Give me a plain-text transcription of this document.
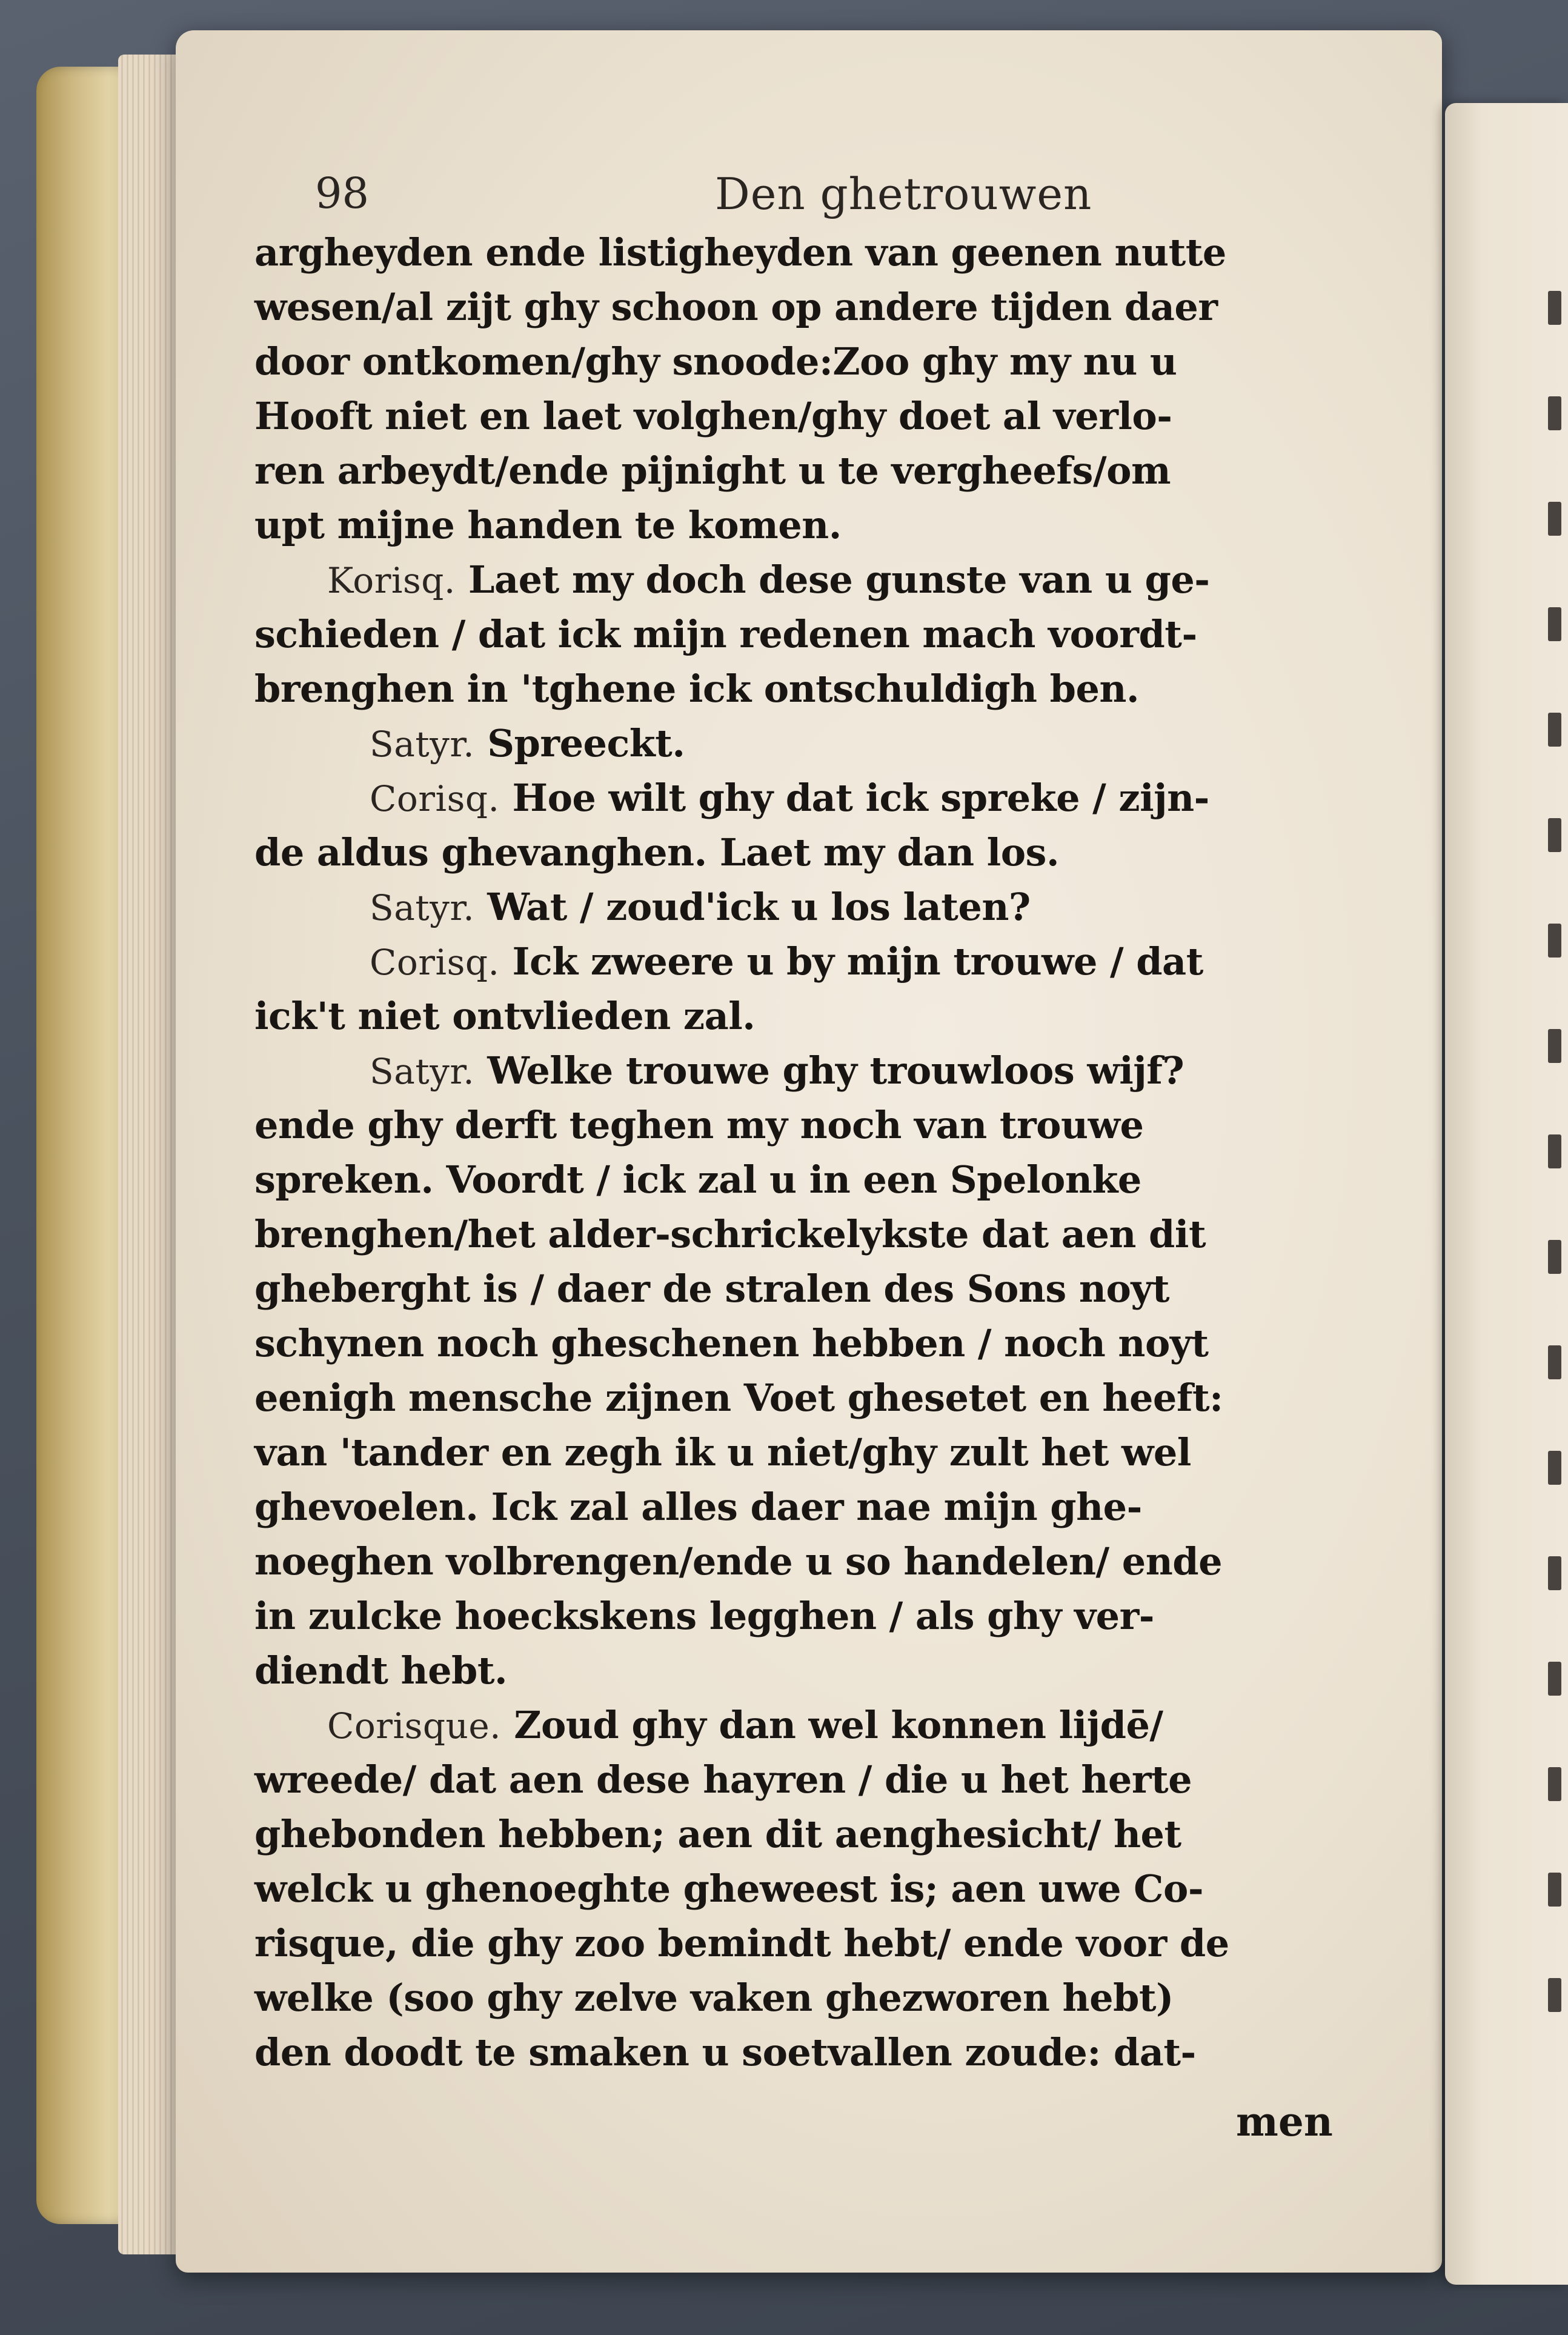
98	Den ghetrouwen
argheyden ende listigheyden van geenen nutte
wesen/al zijt ghy schoon op andere tijden daer
door ontkomen/ghy snoode:Zoo ghy my nu u
Hooft niet en laet volghen/ghy doet al verlo-
ren arbeydt/ende pijnight u te vergheefs/om
upt mijne handen te komen.
Korisq. Laet my doch dese gunste van u ge-
schieden / dat ick mijn redenen mach voordt-
brenghen in 'tghene ick ontschuldigh ben.
Satyr. Spreeckt.
Corisq. Hoe wilt ghy dat ick spreke / zijn-
de aldus ghevanghen. Laet my dan los.
Satyr. Wat / zoud'ick u los laten?
Corisq. Ick zweere u by mijn trouwe / dat
ick't niet ontvlieden zal.
Satyr. Welke trouwe ghy trouwloos wijf?
ende ghy derft teghen my noch van trouwe
spreken. Voordt / ick zal u in een Spelonke
brenghen/het alder-schrickelykste dat aen dit
gheberght is / daer de stralen des Sons noyt
schynen noch gheschenen hebben / noch noyt
eenigh mensche zijnen Voet ghesetet en heeft:
van 'tander en zegh ik u niet/ghy zult het wel
ghevoelen. Ick zal alles daer nae mijn ghe-
noeghen volbrengen/ende u so handelen/ ende
in zulcke hoeckskens legghen / als ghy ver-
diendt hebt.
Corisque. Zoud ghy dan wel konnen lijdē/
wreede/ dat aen dese hayren / die u het herte
ghebonden hebben; aen dit aenghesicht/ het
welck u ghenoeghte gheweest is; aen uwe Co-
risque, die ghy zoo bemindt hebt/ ende voor de
welke (soo ghy zelve vaken ghezworen hebt)
den doodt te smaken u soetvallen zoude: dat-
men
